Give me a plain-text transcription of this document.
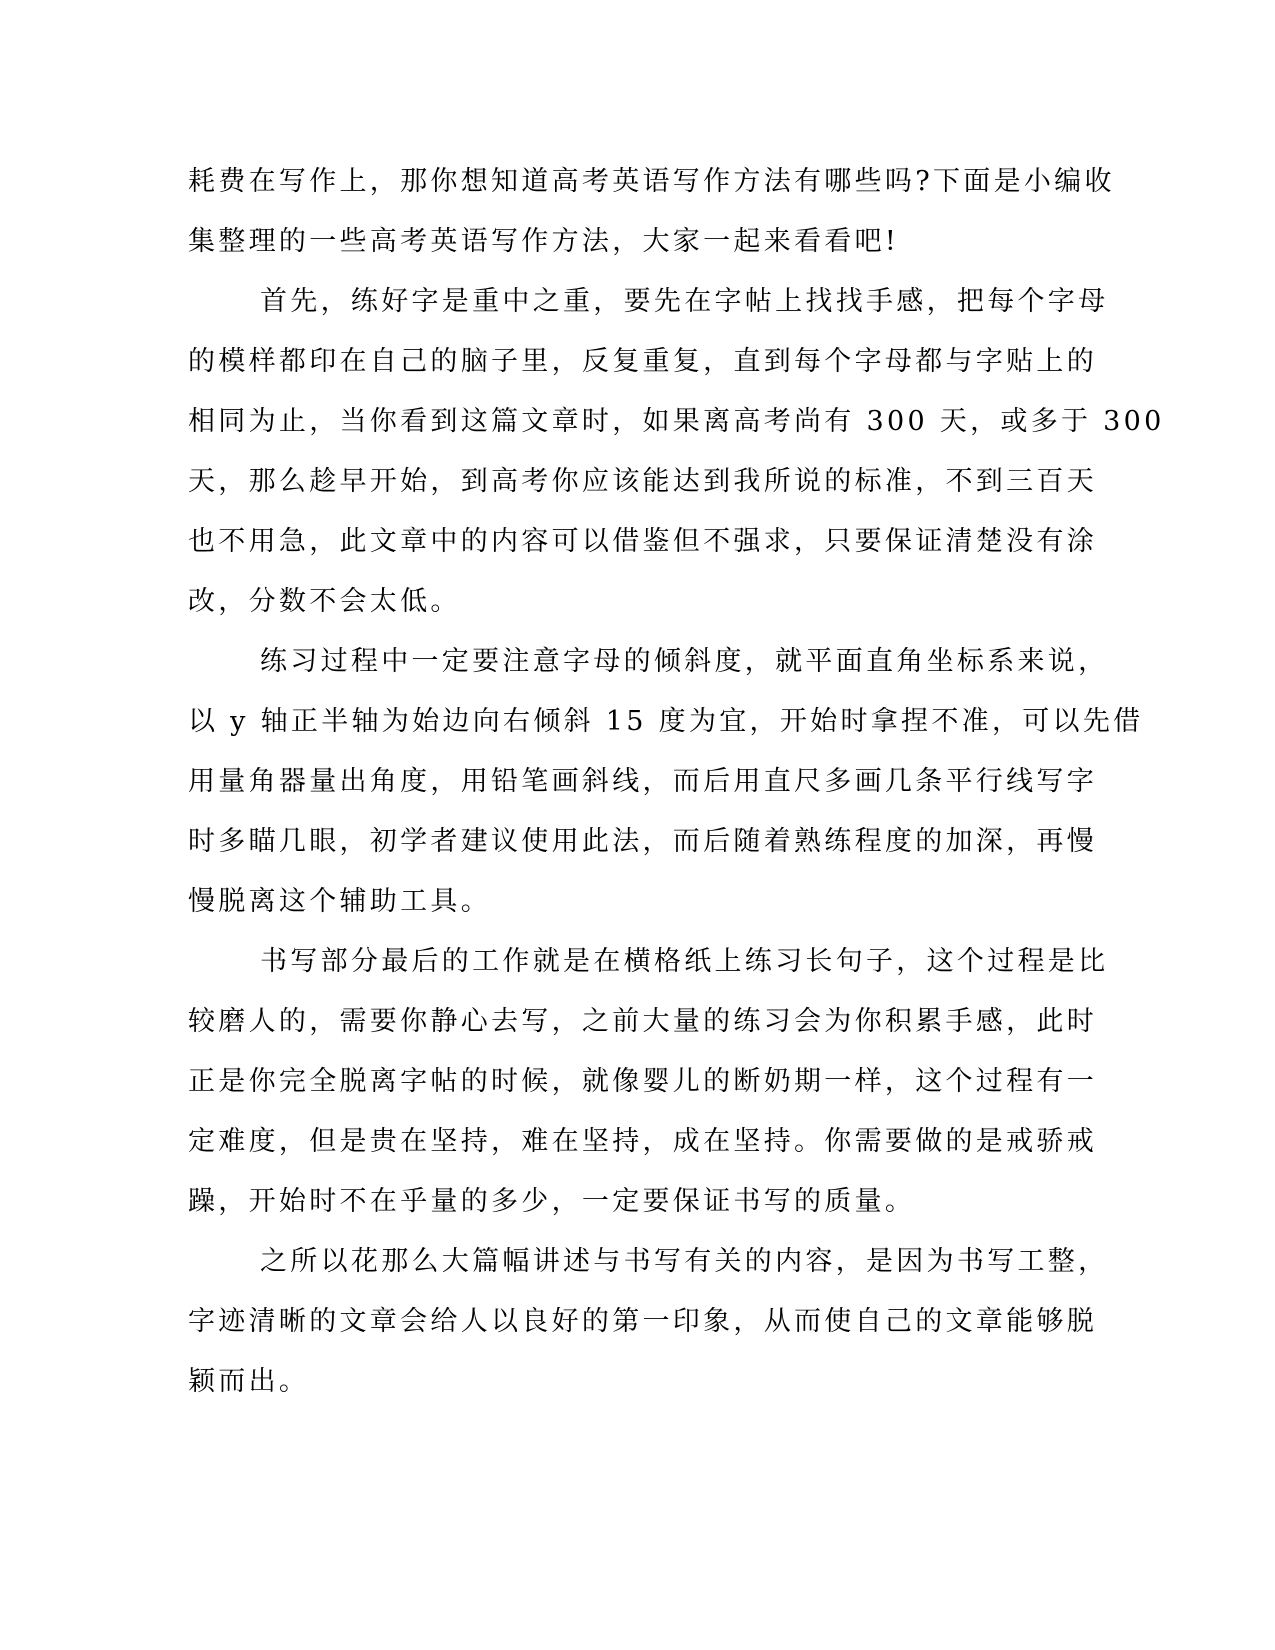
耗费在写作上，那你想知道高考英语写作方法有哪些吗?下面是小编收
集整理的一些高考英语写作方法，大家一起来看看吧!
首先，练好字是重中之重，要先在字帖上找找手感，把每个字母
的模样都印在自己的脑子里，反复重复，直到每个字母都与字贴上的
相同为止，当你看到这篇文章时，如果离高考尚有 300 天，或多于 300
天，那么趁早开始，到高考你应该能达到我所说的标准，不到三百天
也不用急，此文章中的内容可以借鉴但不强求，只要保证清楚没有涂
改，分数不会太低。
练习过程中一定要注意字母的倾斜度，就平面直角坐标系来说，
以 y 轴正半轴为始边向右倾斜 15 度为宜，开始时拿捏不准，可以先借
用量角器量出角度，用铅笔画斜线，而后用直尺多画几条平行线写字
时多瞄几眼，初学者建议使用此法，而后随着熟练程度的加深，再慢
慢脱离这个辅助工具。
书写部分最后的工作就是在横格纸上练习长句子，这个过程是比
较磨人的，需要你静心去写，之前大量的练习会为你积累手感，此时
正是你完全脱离字帖的时候，就像婴儿的断奶期一样，这个过程有一
定难度，但是贵在坚持，难在坚持，成在坚持。你需要做的是戒骄戒
躁，开始时不在乎量的多少，一定要保证书写的质量。
之所以花那么大篇幅讲述与书写有关的内容，是因为书写工整，
字迹清晰的文章会给人以良好的第一印象，从而使自己的文章能够脱
颖而出。
